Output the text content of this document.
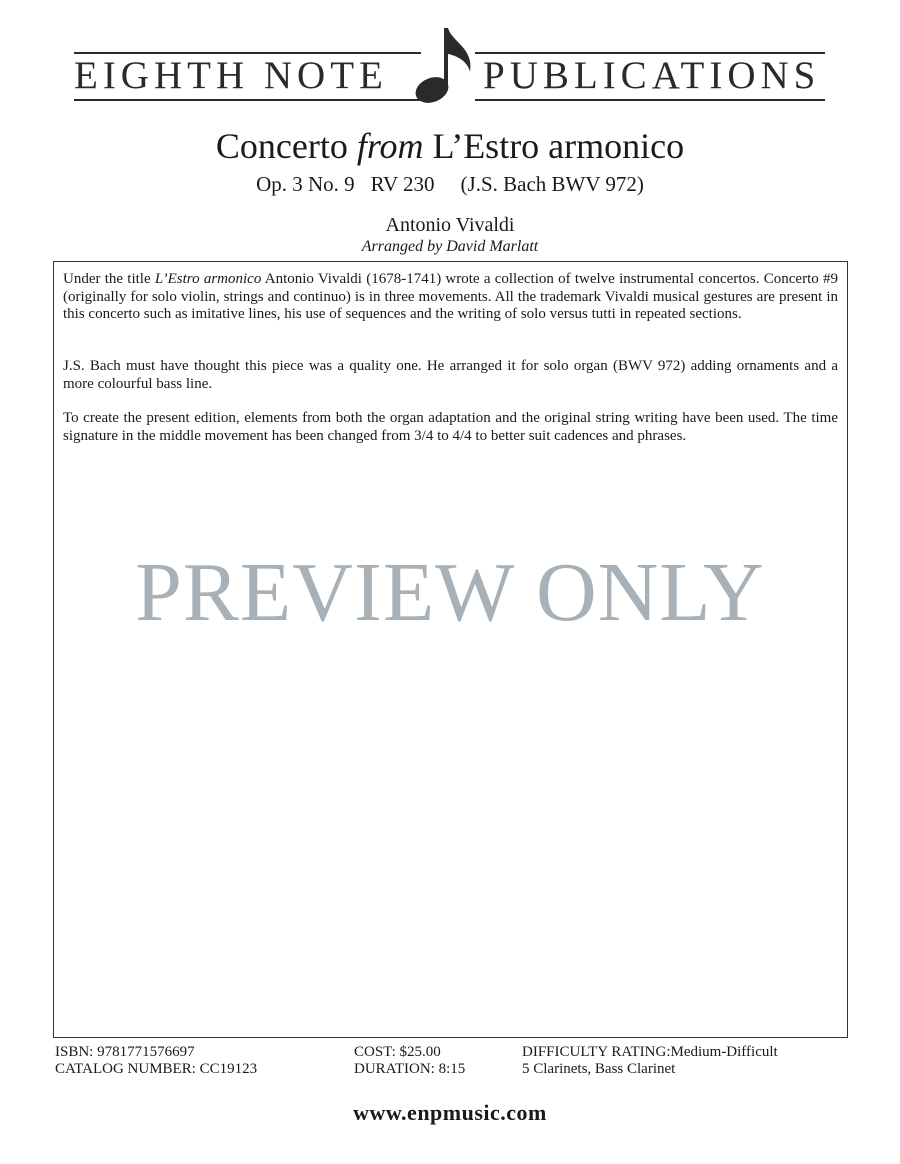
EIGHTH NOTE PUBLICATIONS
Concerto from L’Estro armonico
Op. 3 No. 9 RV 230 (J.S. Bach BWV 972)
Antonio Vivaldi
Arranged by David Marlatt

Under the title L’Estro armonico Antonio Vivaldi (1678-1741) wrote a collection of twelve instrumental concertos. Concerto #9 (originally for solo violin, strings and continuo) is in three movements. All the trademark Vivaldi musical gestures are present in this concerto such as imitative lines, his use of sequences and the writing of solo versus tutti in repeated sections.

J.S. Bach must have thought this piece was a quality one. He arranged it for solo organ (BWV 972) adding ornaments and a more colourful bass line.

To create the present edition, elements from both the organ adaptation and the original string writing have been used. The time signature in the middle movement has been changed from 3/4 to 4/4 to better suit cadences and phrases.

PREVIEW ONLY
ISBN: 9781771576697
CATALOG NUMBER: CC19123
COST: $25.00
DURATION: 8:15
DIFFICULTY RATING:Medium-Difficult
5 Clarinets, Bass Clarinet
www.enpmusic.com
